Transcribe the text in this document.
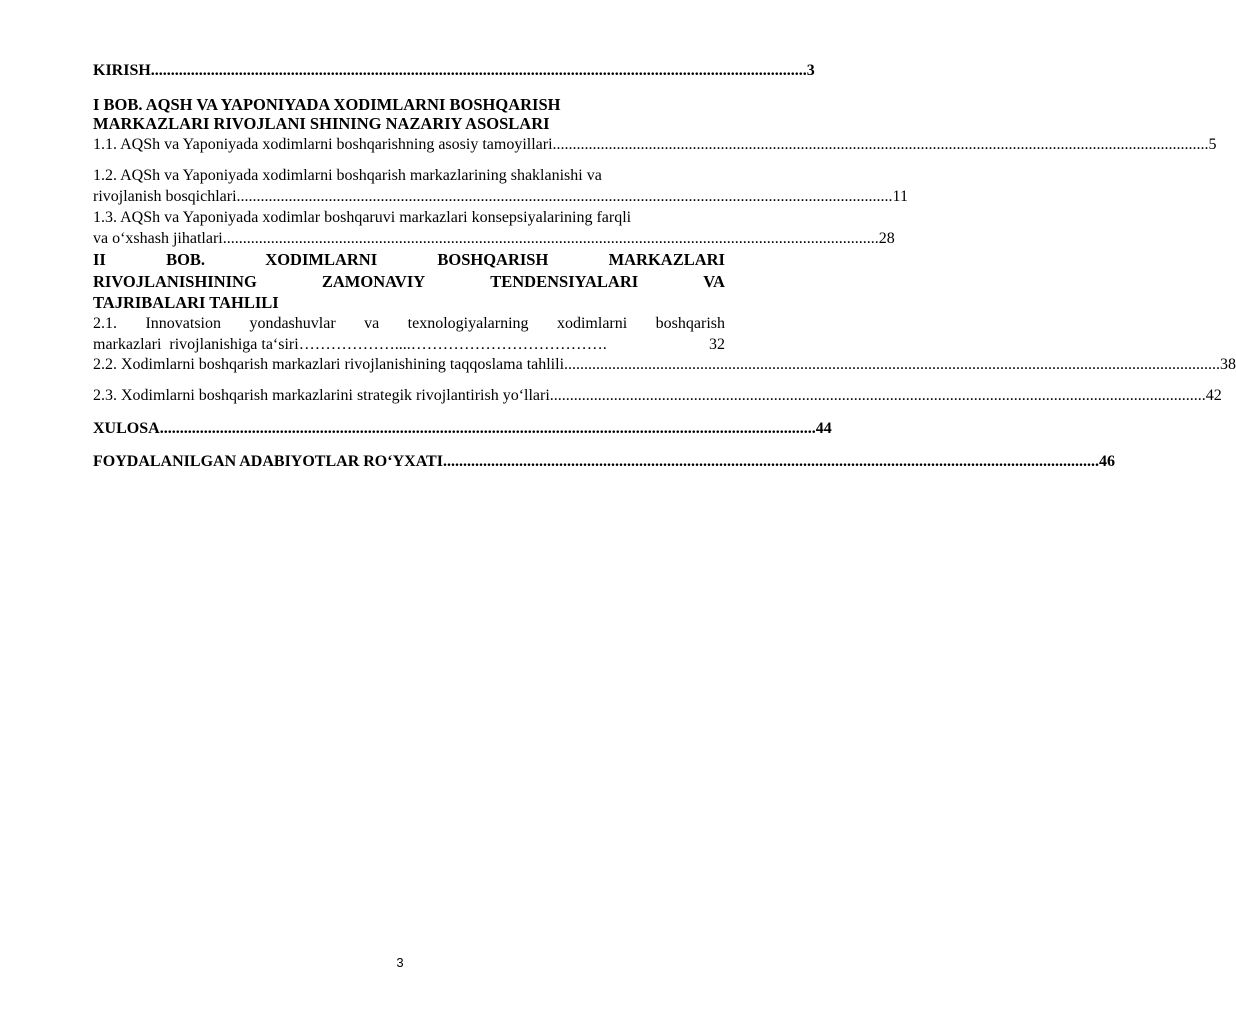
KIRISH .................................................................................................................................................................... 3
I BOB. AQSH VA YAPONIYADA XODIMLARNI BOSHQARISH
MARKAZLARI RIVOJLANI SHINING NAZARIY ASOSLARI
1.1. AQSh va Yaponiyada xodimlarni boshqarishning asosiy tamoyillari .................................................................................................................................................................... 5
1.2. AQSh va Yaponiyada xodimlarni boshqarish markazlarining shaklanishi va
rivojlanish bosqichlari .................................................................................................................................................................... 11
1.3. AQSh va Yaponiyada xodimlar boshqaruvi markazlari konsepsiyalarining farqli
va o‘xshash jihatlari .................................................................................................................................................................... 28
II	BOB.	XODIMLARNI	BOSHQARISH	MARKAZLARI
RIVOJLANISHINING	ZAMONAVIY	TENDENSIYALARI	VA
TAJRIBALARI TAHLILI
2.1. Innovatsion yondashuvlar va texnologiyalarning xodimlarni boshqarish
markazlari  rivojlanishiga ta‘siri ………………....……………………………….	32
2.2. Xodimlarni boshqarish markazlari rivojlanishining taqqoslama tahlili .................................................................................................................................................................... 38
2.3. Xodimlarni boshqarish markazlarini strategik rivojlantirish yo‘llari .................................................................................................................................................................... 42
XULOSA .................................................................................................................................................................... 44
FOYDALANILGAN ADABIYOTLAR RO‘YXATI .................................................................................................................................................................... 46
3
